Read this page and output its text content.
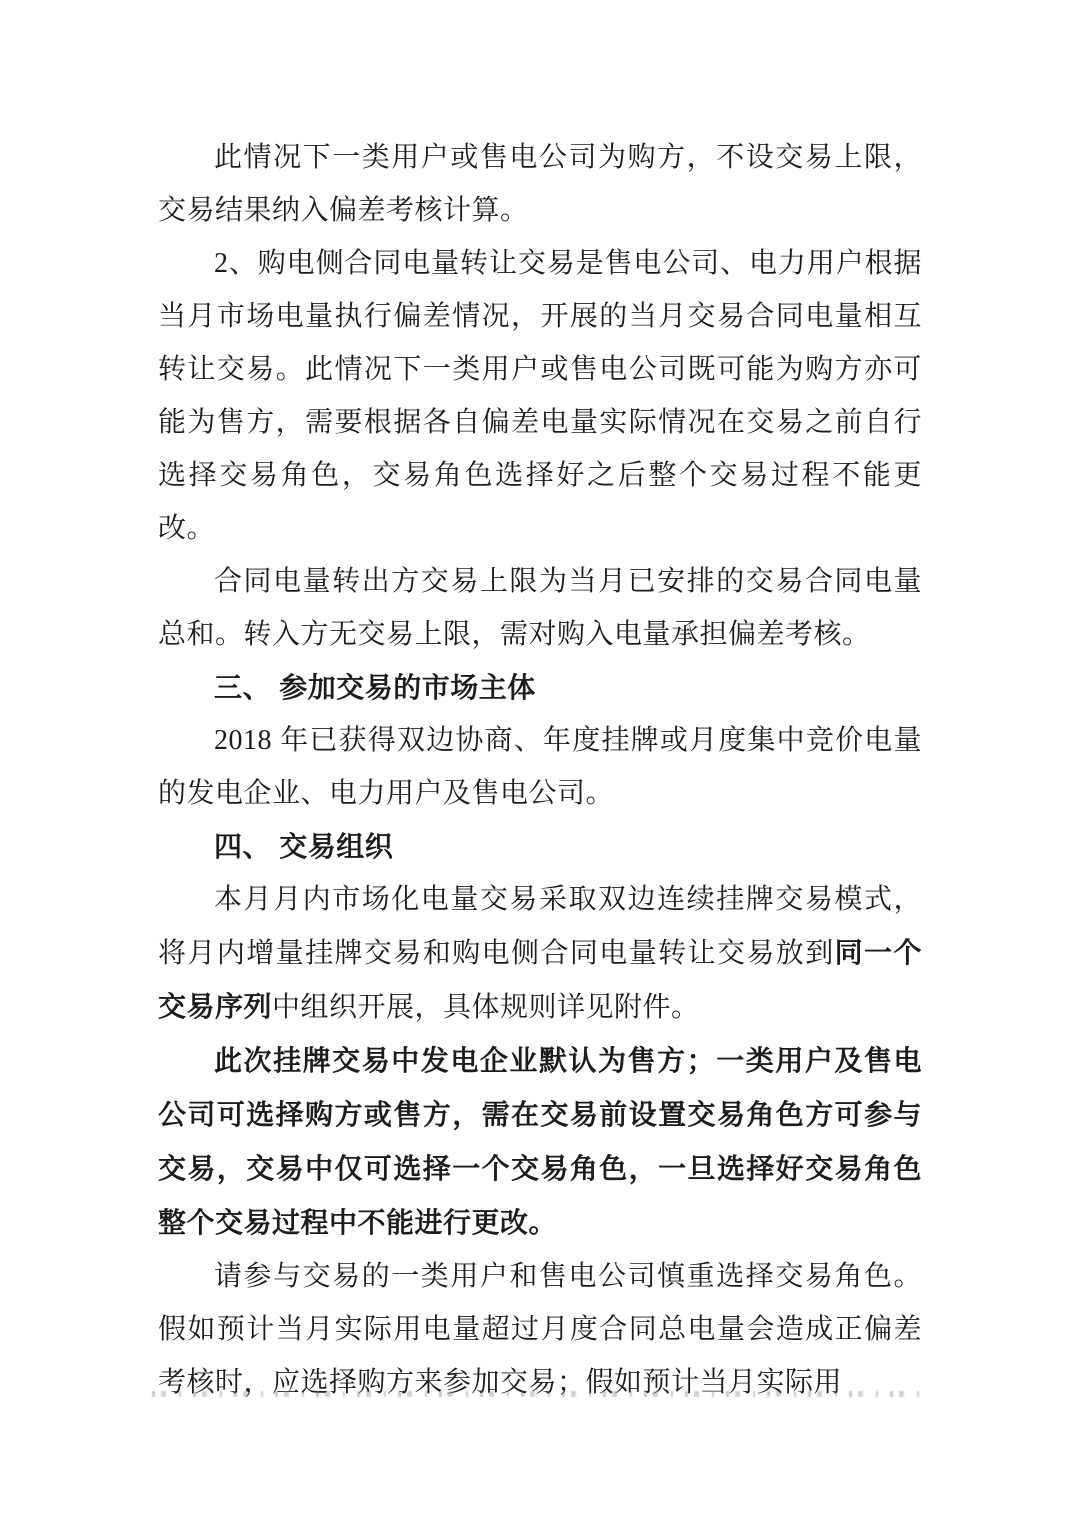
此情况下一类用户或售电公司为购方，不设交易上限，交易结果纳入偏差考核计算。

2、购电侧合同电量转让交易是售电公司、电力用户根据当月市场电量执行偏差情况，开展的当月交易合同电量相互转让交易。此情况下一类用户或售电公司既可能为购方亦可能为售方，需要根据各自偏差电量实际情况在交易之前自行选择交易角色，交易角色选择好之后整个交易过程不能更改。

合同电量转出方交易上限为当月已安排的交易合同电量总和。转入方无交易上限，需对购入电量承担偏差考核。

三、 参加交易的市场主体

2018 年已获得双边协商、年度挂牌或月度集中竞价电量的发电企业、电力用户及售电公司。

四、 交易组织

本月月内市场化电量交易采取双边连续挂牌交易模式，将月内增量挂牌交易和购电侧合同电量转让交易放到同一个交易序列中组织开展，具体规则详见附件。

此次挂牌交易中发电企业默认为售方；一类用户及售电公司可选择购方或售方，需在交易前设置交易角色方可参与交易，交易中仅可选择一个交易角色，一旦选择好交易角色整个交易过程中不能进行更改。

请参与交易的一类用户和售电公司慎重选择交易角色。假如预计当月实际用电量超过月度合同总电量会造成正偏差考核时，应选择购方来参加交易；假如预计当月实际用
